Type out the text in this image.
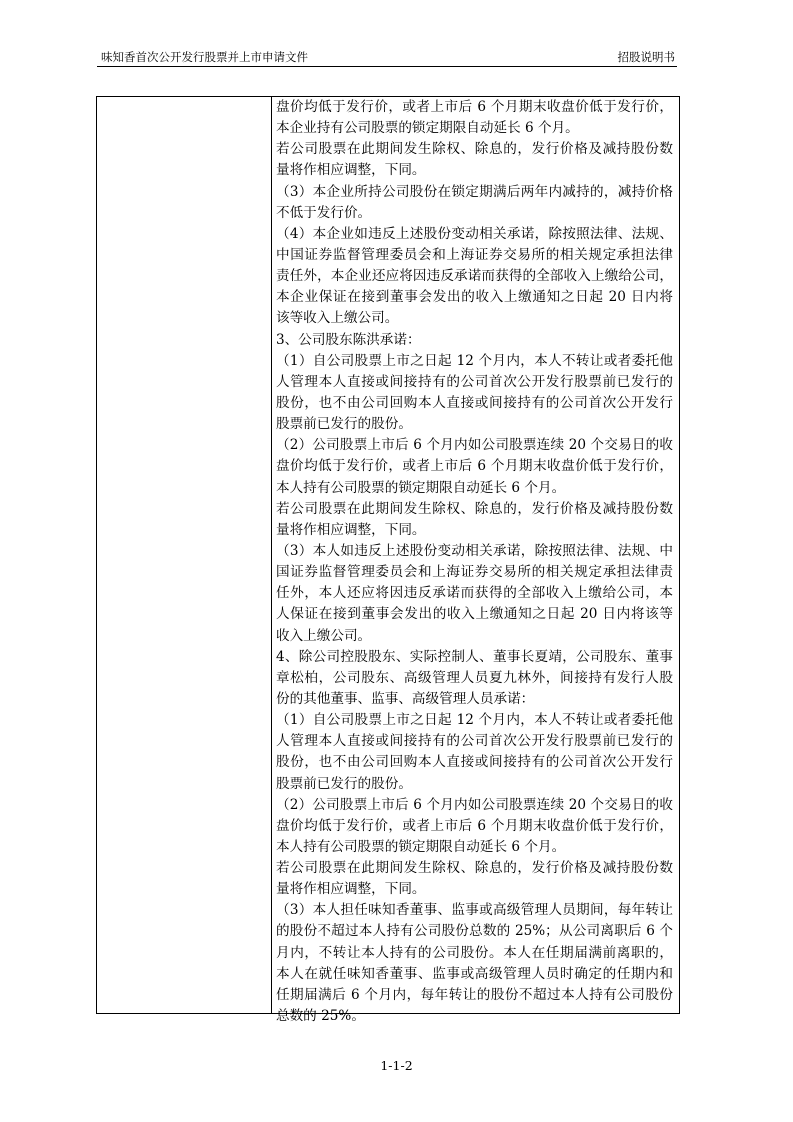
味知香首次公开发行股票并上市申请文件	招股说明书
盘价均低于发行价，或者上市后 6 个月期末收盘价低于发行价，
本企业持有公司股票的锁定期限自动延长 6 个月。
若公司股票在此期间发生除权、除息的，发行价格及减持股份数
量将作相应调整，下同。
（3）本企业所持公司股份在锁定期满后两年内减持的，减持价格
不低于发行价。
（4）本企业如违反上述股份变动相关承诺，除按照法律、法规、
中国证券监督管理委员会和上海证券交易所的相关规定承担法律
责任外，本企业还应将因违反承诺而获得的全部收入上缴给公司，
本企业保证在接到董事会发出的收入上缴通知之日起 20 日内将
该等收入上缴公司。
3、公司股东陈洪承诺：
（1）自公司股票上市之日起 12 个月内，本人不转让或者委托他
人管理本人直接或间接持有的公司首次公开发行股票前已发行的
股份，也不由公司回购本人直接或间接持有的公司首次公开发行
股票前已发行的股份。
（2）公司股票上市后 6 个月内如公司股票连续 20 个交易日的收
盘价均低于发行价，或者上市后 6 个月期末收盘价低于发行价，
本人持有公司股票的锁定期限自动延长 6 个月。
若公司股票在此期间发生除权、除息的，发行价格及减持股份数
量将作相应调整，下同。
（3）本人如违反上述股份变动相关承诺，除按照法律、法规、中
国证券监督管理委员会和上海证券交易所的相关规定承担法律责
任外，本人还应将因违反承诺而获得的全部收入上缴给公司，本
人保证在接到董事会发出的收入上缴通知之日起 20 日内将该等
收入上缴公司。
4、除公司控股股东、实际控制人、董事长夏靖，公司股东、董事
章松柏，公司股东、高级管理人员夏九林外，间接持有发行人股
份的其他董事、监事、高级管理人员承诺：
（1）自公司股票上市之日起 12 个月内，本人不转让或者委托他
人管理本人直接或间接持有的公司首次公开发行股票前已发行的
股份，也不由公司回购本人直接或间接持有的公司首次公开发行
股票前已发行的股份。
（2）公司股票上市后 6 个月内如公司股票连续 20 个交易日的收
盘价均低于发行价，或者上市后 6 个月期末收盘价低于发行价，
本人持有公司股票的锁定期限自动延长 6 个月。
若公司股票在此期间发生除权、除息的，发行价格及减持股份数
量将作相应调整，下同。
（3）本人担任味知香董事、监事或高级管理人员期间，每年转让
的股份不超过本人持有公司股份总数的 25%；从公司离职后 6 个
月内，不转让本人持有的公司股份。本人在任期届满前离职的，
本人在就任味知香董事、监事或高级管理人员时确定的任期内和
任期届满后 6 个月内，每年转让的股份不超过本人持有公司股份
总数的 25%。
1-1-2
